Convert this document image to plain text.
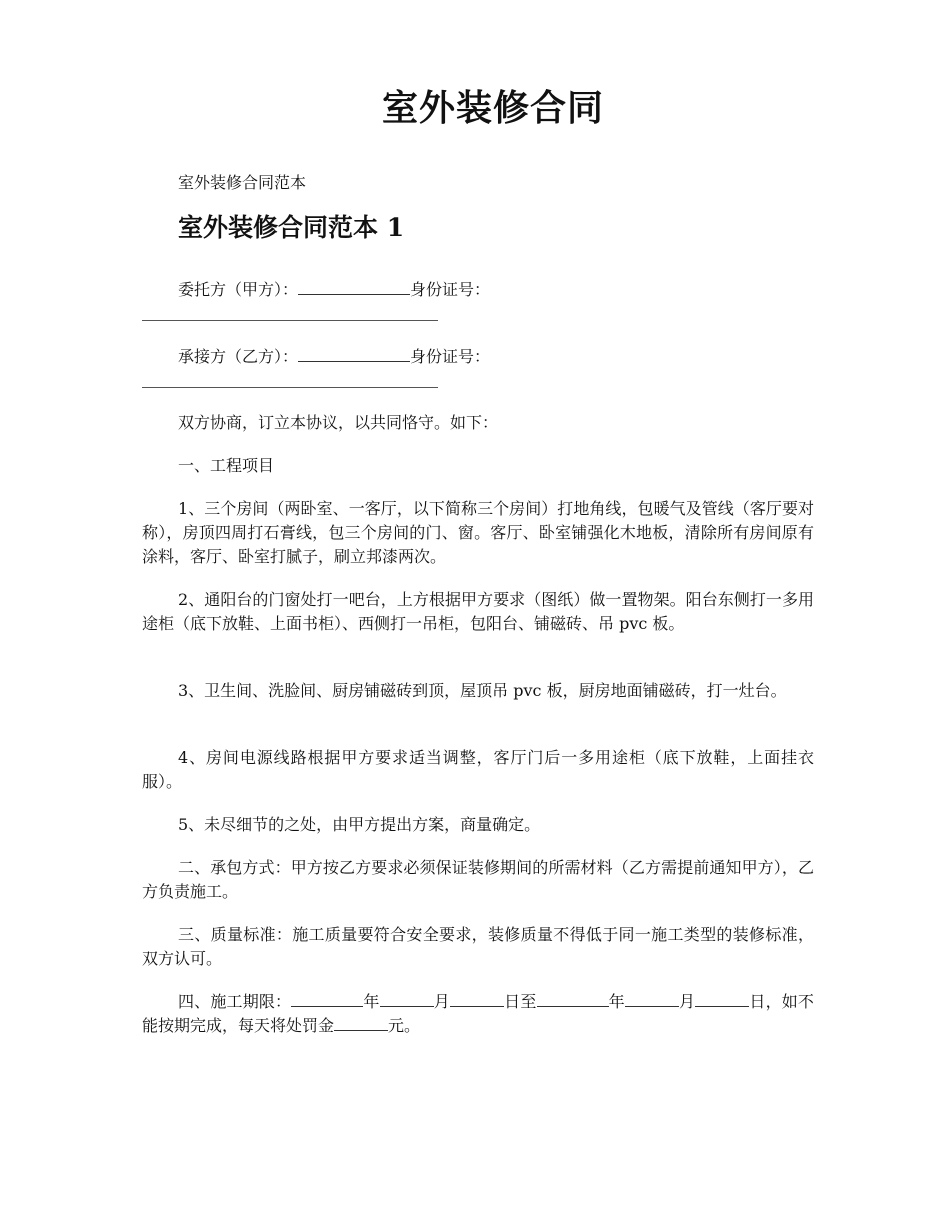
室外装修合同

室外装修合同范本

室外装修合同范本 1

委托方（甲方）：	身份证号：

承接方（乙方）：	身份证号：

双方协商，订立本协议，以共同恪守。如下：

一、工程项目

1、三个房间（两卧室、一客厅，以下简称三个房间）打地角线，包暖气及管线（客厅要对称），房顶四周打石膏线，包三个房间的门、窗。客厅、卧室铺强化木地板，清除所有房间原有涂料，客厅、卧室打腻子，刷立邦漆两次。

2、通阳台的门窗处打一吧台，上方根据甲方要求（图纸）做一置物架。阳台东侧打一多用途柜（底下放鞋、上面书柜）、西侧打一吊柜，包阳台、铺磁砖、吊 pvc 板。

3、卫生间、洗脸间、厨房铺磁砖到顶，屋顶吊 pvc 板，厨房地面铺磁砖，打一灶台。

4、房间电源线路根据甲方要求适当调整，客厅门后一多用途柜（底下放鞋，上面挂衣服）。

5、未尽细节的之处，由甲方提出方案，商量确定。

二、承包方式：甲方按乙方要求必须保证装修期间的所需材料（乙方需提前通知甲方），乙方负责施工。

三、质量标准：施工质量要符合安全要求，装修质量不得低于同一施工类型的装修标准，双方认可。

四、施工期限：	年	月	日至	年	月	日，如不能按期完成，每天将处罚金	元。
